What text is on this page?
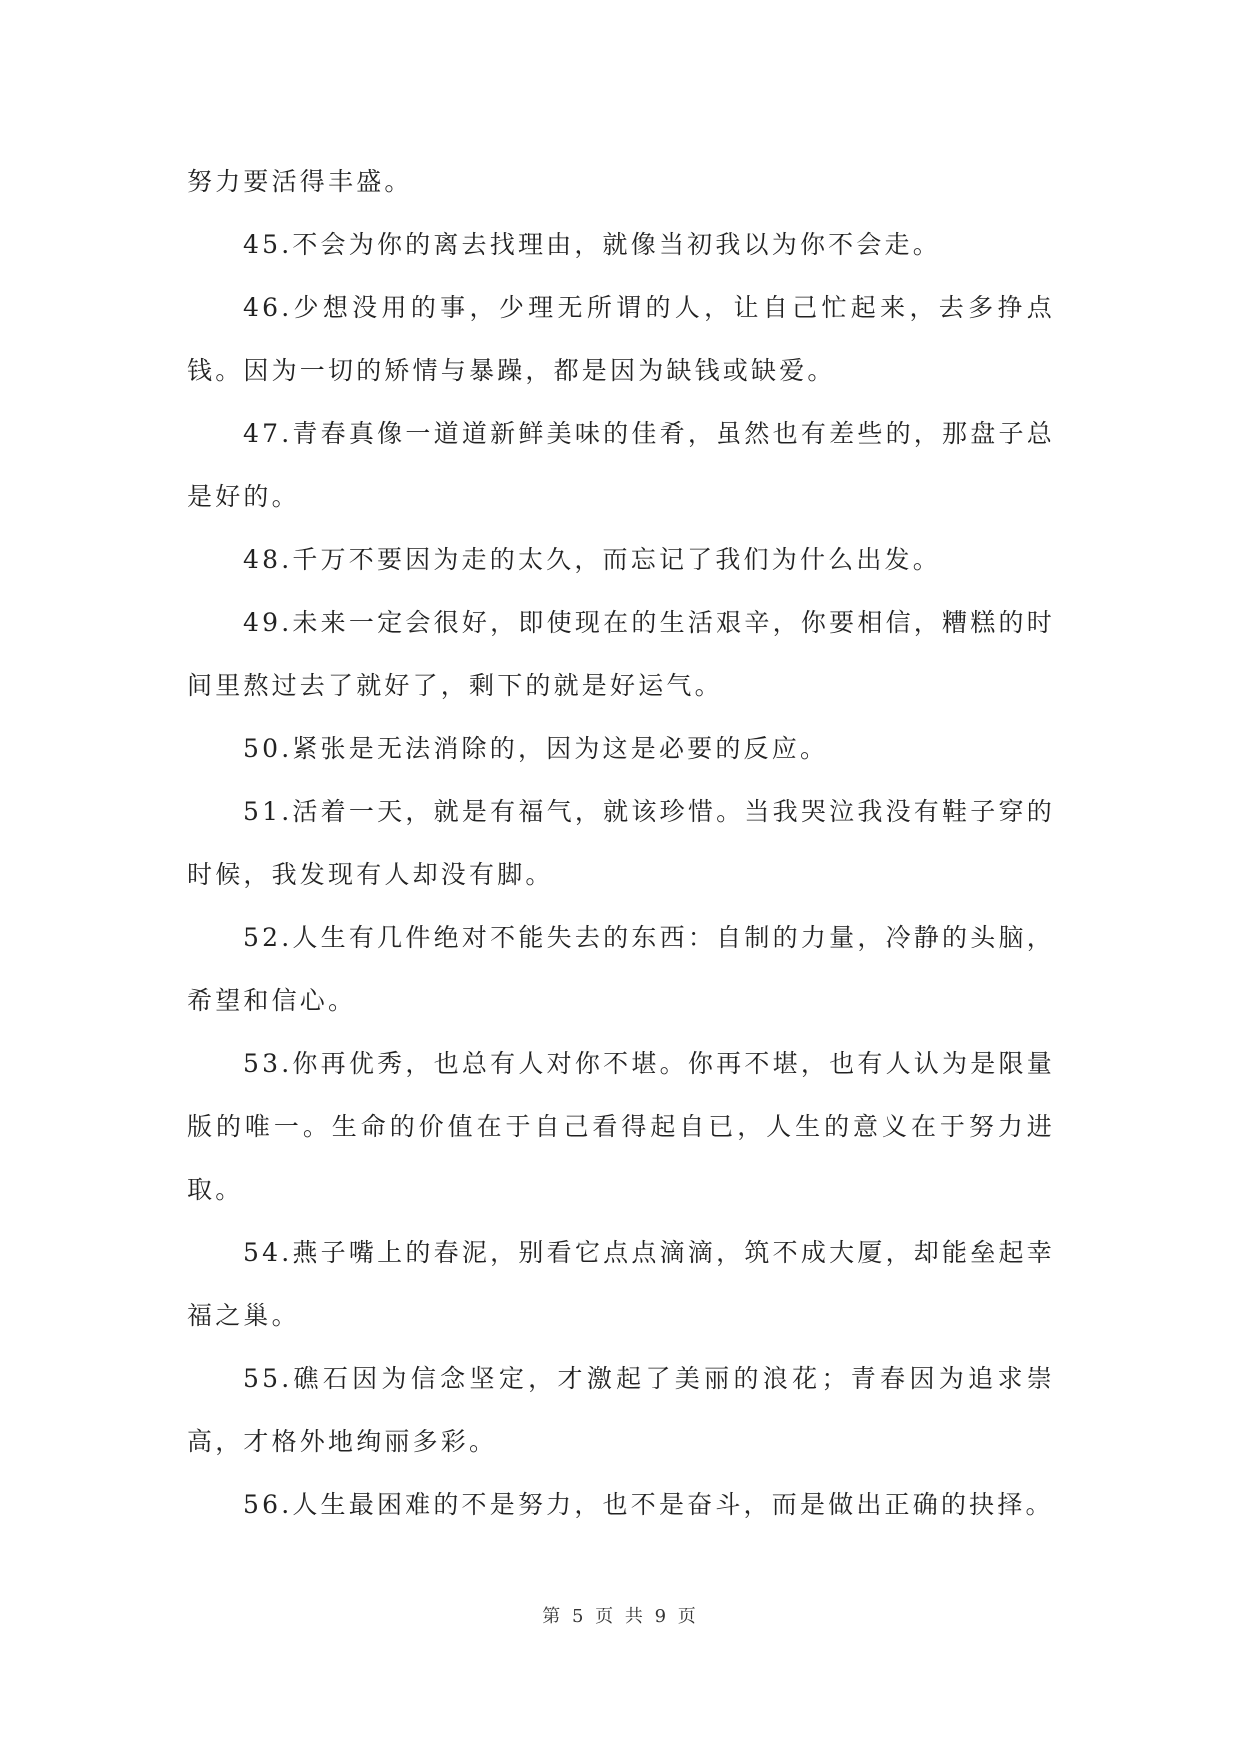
努力要活得丰盛。

45.不会为你的离去找理由，就像当初我以为你不会走。

46.少想没用的事，少理无所谓的人，让自己忙起来，去多挣点钱。因为一切的矫情与暴躁，都是因为缺钱或缺爱。

47.青春真像一道道新鲜美味的佳肴，虽然也有差些的，那盘子总是好的。

48.千万不要因为走的太久，而忘记了我们为什么出发。

49.未来一定会很好，即使现在的生活艰辛，你要相信，糟糕的时间里熬过去了就好了，剩下的就是好运气。

50.紧张是无法消除的，因为这是必要的反应。

51.活着一天，就是有福气，就该珍惜。当我哭泣我没有鞋子穿的时候，我发现有人却没有脚。

52.人生有几件绝对不能失去的东西：自制的力量，冷静的头脑，希望和信心。

53.你再优秀，也总有人对你不堪。你再不堪，也有人认为是限量版的唯一。生命的价值在于自己看得起自已，人生的意义在于努力进取。

54.燕子嘴上的春泥，别看它点点滴滴，筑不成大厦，却能垒起幸福之巢。

55.礁石因为信念坚定，才激起了美丽的浪花；青春因为追求崇高，才格外地绚丽多彩。

56.人生最困难的不是努力，也不是奋斗，而是做出正确的抉择。

第 5 页 共 9 页
